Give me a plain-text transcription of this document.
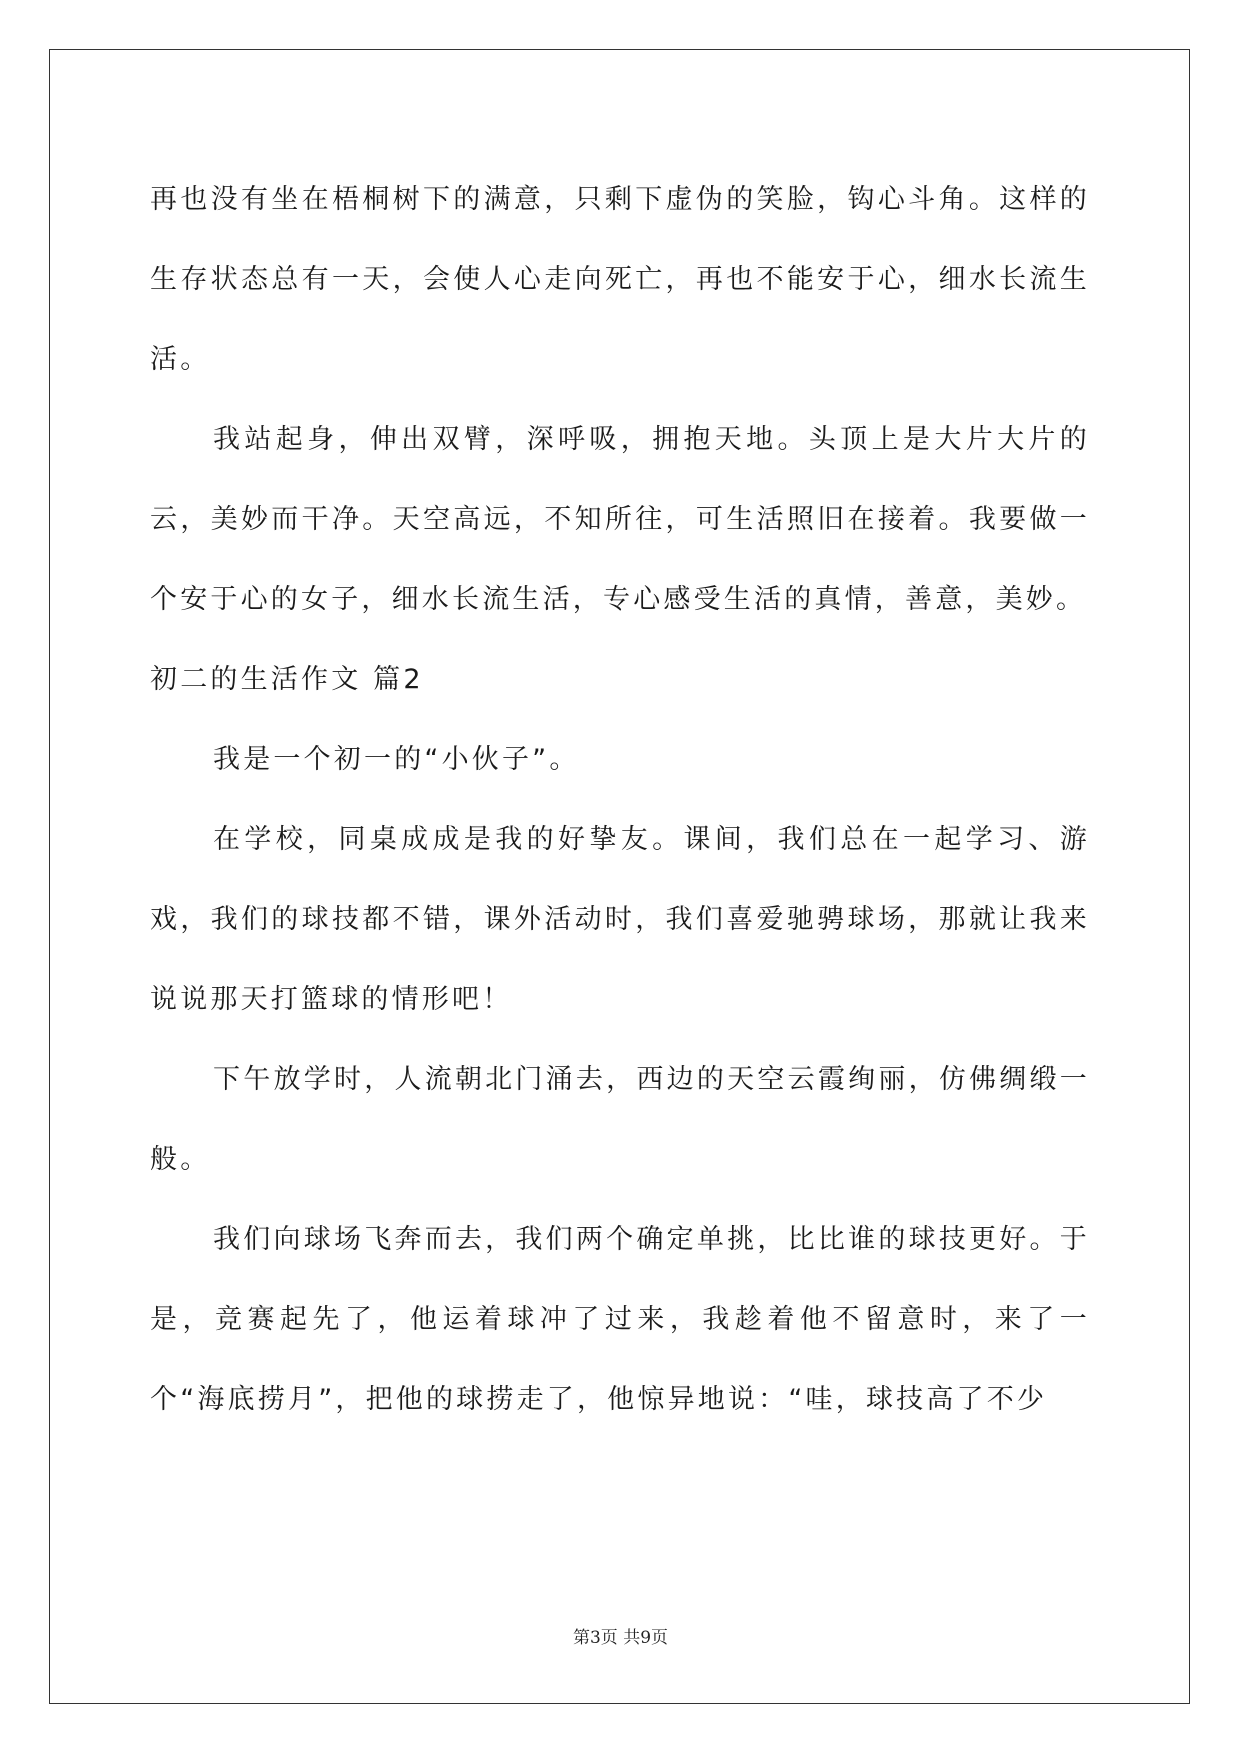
再也没有坐在梧桐树下的满意，只剩下虚伪的笑脸，钩心斗角。这样的生存状态总有一天，会使人心走向死亡，再也不能安于心，细水长流生活。

我站起身，伸出双臂，深呼吸，拥抱天地。头顶上是大片大片的云，美妙而干净。天空高远，不知所往，可生活照旧在接着。我要做一个安于心的女子，细水长流生活，专心感受生活的真情，善意，美妙。

初二的生活作文 篇2

我是一个初一的“小伙子”。

在学校，同桌成成是我的好挚友。课间，我们总在一起学习、游戏，我们的球技都不错，课外活动时，我们喜爱驰骋球场，那就让我来说说那天打篮球的情形吧！

下午放学时，人流朝北门涌去，西边的天空云霞绚丽，仿佛绸缎一般。

我们向球场飞奔而去，我们两个确定单挑，比比谁的球技更好。于是，竞赛起先了，他运着球冲了过来，我趁着他不留意时，来了一个“海底捞月”，把他的球捞走了，他惊异地说：“哇，球技高了不少

第3页 共9页
